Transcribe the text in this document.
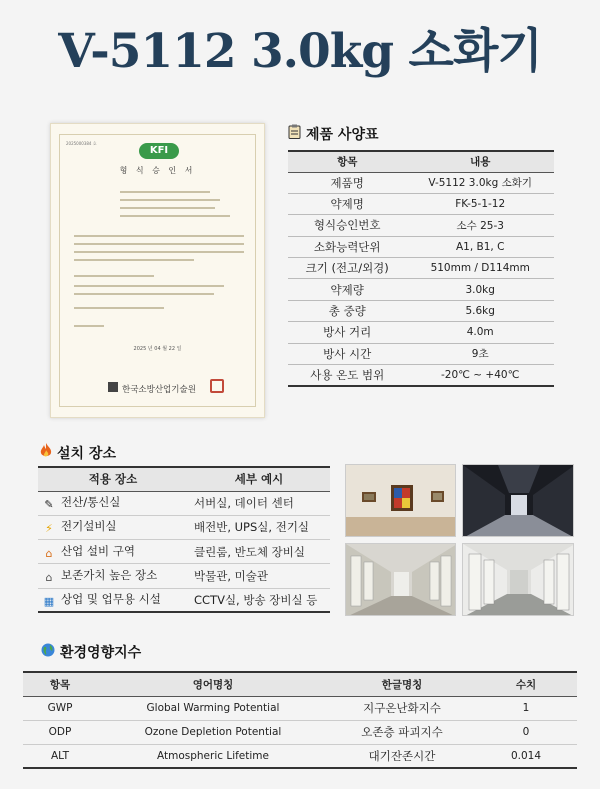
V-5112 3.0kg 소화기
2025000384 호
KFI
형 식 승 인 서
2025 년 04 월 22 일
한국소방산업기술원
제품 사양표
항목	내용
제품명	V-5112 3.0kg 소화기
약제명	FK-5-1-12
형식승인번호	소수 25-3
소화능력단위	A1, B1, C
크기 (전고/외경)	510mm / D114mm
약제량	3.0kg
총 중량	5.6kg
방사 거리	4.0m
방사 시간	9초
사용 온도 범위	-20℃ ~ +40℃
설치 장소
적용 장소	세부 예시
✎ 전산/통신실	서버실, 데이터 센터
⚡ 전기설비실	배전반, UPS실, 전기실
⌂ 산업 설비 구역	클린룸, 반도체 장비실
⌂ 보존가치 높은 장소	박물관, 미술관
▦ 상업 및 업무용 시설	CCTV실, 방송 장비실 등
환경영향지수
항목	영어명칭	한글명칭	수치
GWP	Global Warming Potential	지구온난화지수	1
ODP	Ozone Depletion Potential	오존층 파괴지수	0
ALT	Atmospheric Lifetime	대기잔존시간	0.014
